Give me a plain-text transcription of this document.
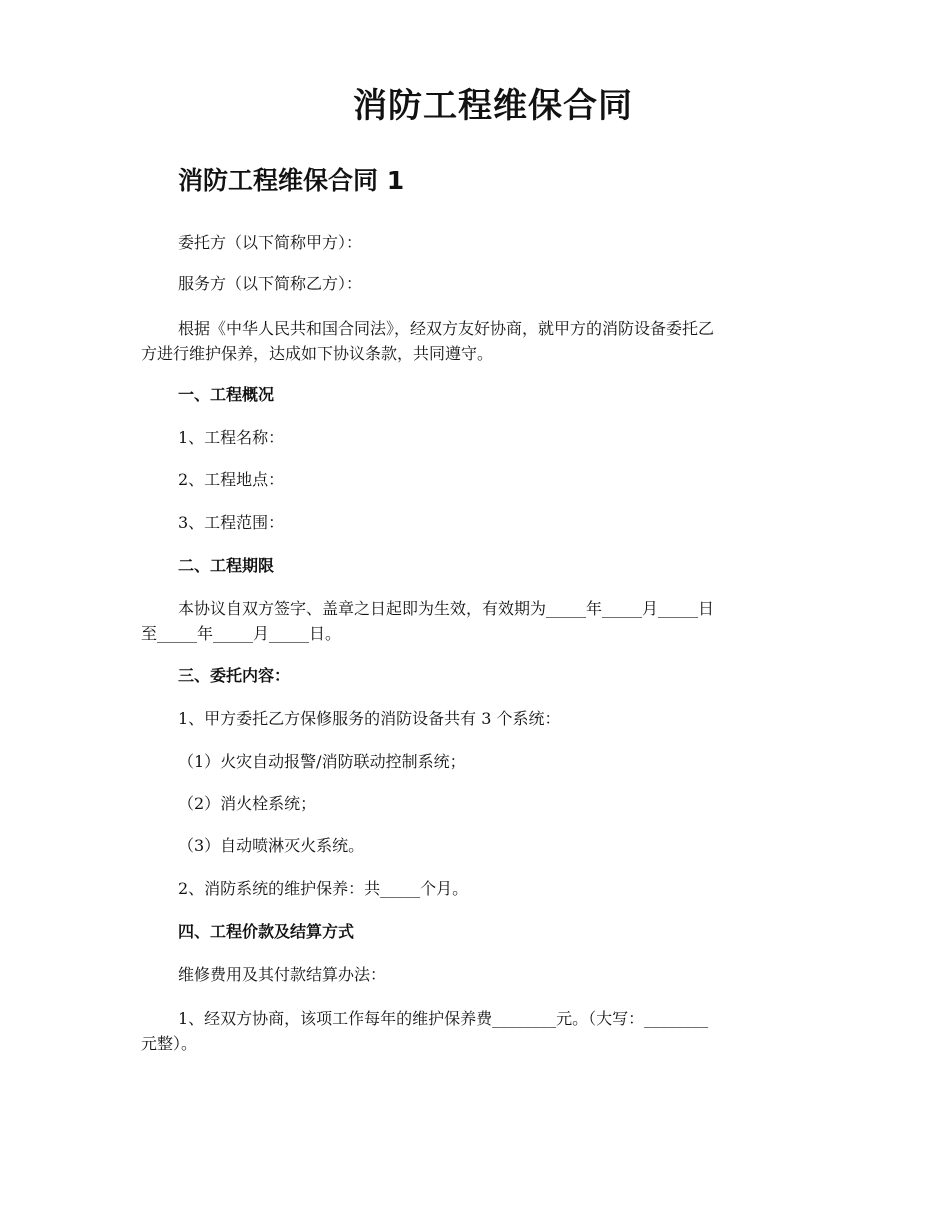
消防工程维保合同
消防工程维保合同 1

委托方（以下简称甲方）：

服务方（以下简称乙方）：

根据《中华人民共和国合同法》，经双方友好协商，就甲方的消防设备委托乙

方进行维护保养，达成如下协议条款，共同遵守。

一、工程概况

1、工程名称：

2、工程地点：

3、工程范围：

二、工程期限

本协议自双方签字、盖章之日起即为生效，有效期为_____年_____月_____日

至_____年_____月_____日。

三、委托内容：

1、甲方委托乙方保修服务的消防设备共有 3 个系统：

（1）火灾自动报警/消防联动控制系统；

（2）消火栓系统；

（3）自动喷淋灭火系统。

2、消防系统的维护保养：共_____个月。

四、工程价款及结算方式

维修费用及其付款结算办法：

1、经双方协商，该项工作每年的维护保养费________元。（大写：________

元整）。
